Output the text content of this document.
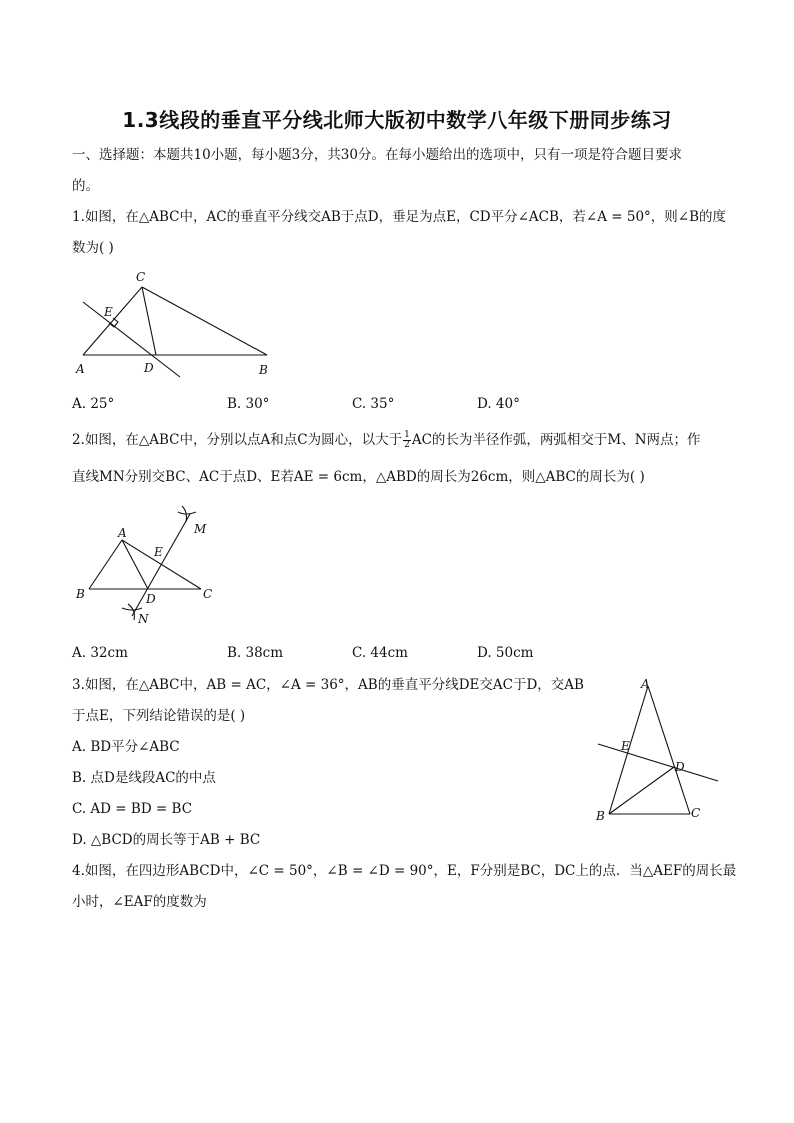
1.3线段的垂直平分线北师大版初中数学八年级下册同步练习
一、选择题：本题共10小题，每小题3分，共30分。在每小题给出的选项中，只有一项是符合题目要求
的。
1.如图，在△ABC中，AC的垂直平分线交AB于点D，垂足为点E，CD平分∠ACB，若∠A = 50°，则∠B的度
数为( )
C
E
A	D	B
A. 25°	B. 30°	C. 35°	D. 40°
2.如图，在△ABC中，分别以点A和点C为圆心，以大于 $\frac{1}{2}$ AC的长为半径作弧，两弧相交于M、N两点；作
直线MN分别交BC、AC于点D、E若AE = 6cm，△ABD的周长为26cm，则△ABC的周长为( )
A
E
M
B	D	C
N
A. 32cm	B. 38cm	C. 44cm	D. 50cm
3.如图，在△ABC中，AB = AC，∠A = 36°，AB的垂直平分线DE交AC于D，交AB
于点E，下列结论错误的是( )
A. BD平分∠ABC
B. 点D是线段AC的中点
C. AD = BD = BC
D. △BCD的周长等于AB + BC
A
E
D
B	C
4.如图，在四边形ABCD中，∠C = 50°，∠B = ∠D = 90°，E，F分别是BC，DC上的点．当△AEF的周长最
小时，∠EAF的度数为
